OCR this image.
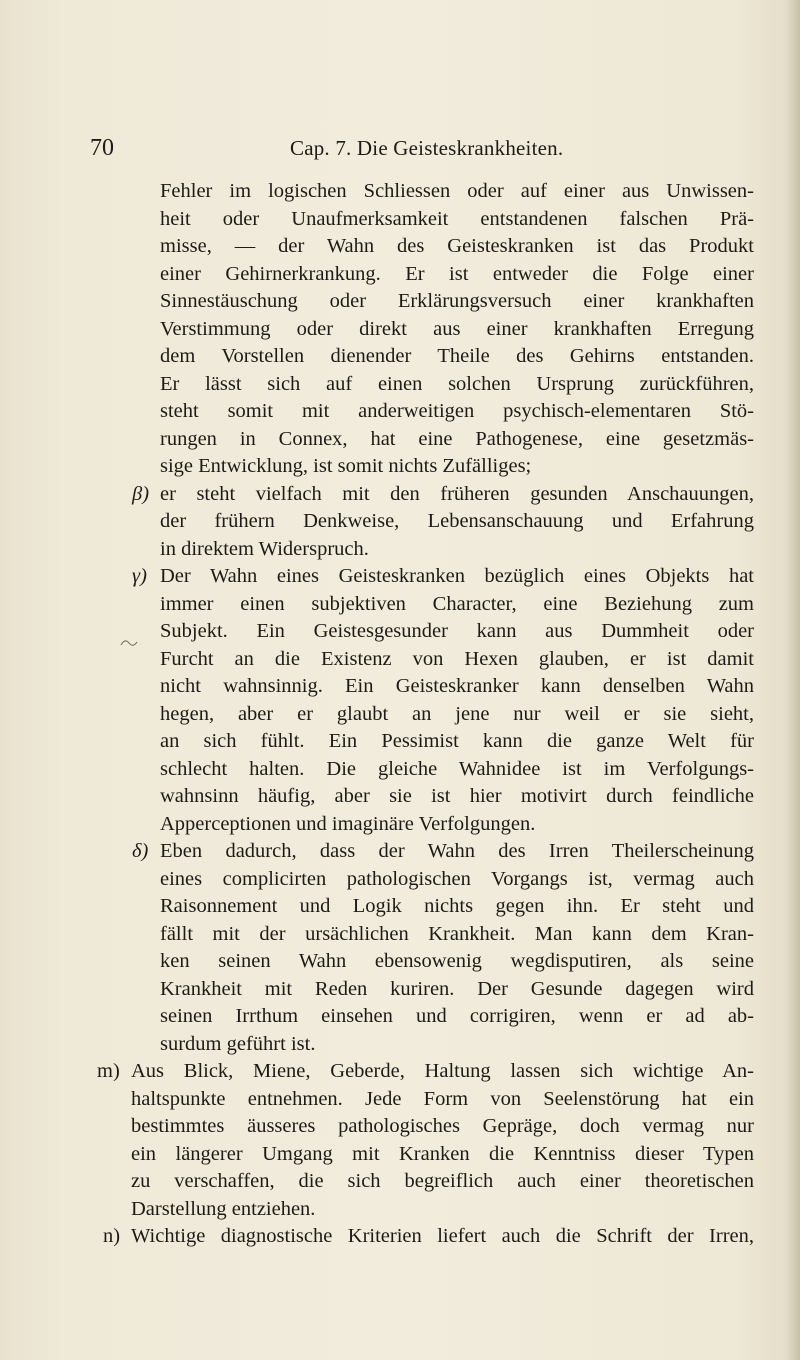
70	Cap. 7. Die Geisteskrankheiten.
Fehler im logischen Schliessen oder auf einer aus Unwissen-
heit oder Unaufmerksamkeit entstandenen falschen Prä-
misse, — der Wahn des Geisteskranken ist das Produkt
einer Gehirnerkrankung. Er ist entweder die Folge einer
Sinnestäuschung oder Erklärungsversuch einer krankhaften
Verstimmung oder direkt aus einer krankhaften Erregung
dem Vorstellen dienender Theile des Gehirns entstanden.
Er lässt sich auf einen solchen Ursprung zurückführen,
steht somit mit anderweitigen psychisch-elementaren Stö-
rungen in Connex, hat eine Pathogenese, eine gesetzmäs-
sige Entwicklung, ist somit nichts Zufälliges;
β) er steht vielfach mit den früheren gesunden Anschauungen,
der frühern Denkweise, Lebensanschauung und Erfahrung
in direktem Widerspruch.
γ) Der Wahn eines Geisteskranken bezüglich eines Objekts hat
immer einen subjektiven Character, eine Beziehung zum
Subjekt. Ein Geistesgesunder kann aus Dummheit oder
Furcht an die Existenz von Hexen glauben, er ist damit
nicht wahnsinnig. Ein Geisteskranker kann denselben Wahn
hegen, aber er glaubt an jene nur weil er sie sieht,
an sich fühlt. Ein Pessimist kann die ganze Welt für
schlecht halten. Die gleiche Wahnidee ist im Verfolgungs-
wahnsinn häufig, aber sie ist hier motivirt durch feindliche
Apperceptionen und imaginäre Verfolgungen.
δ) Eben dadurch, dass der Wahn des Irren Theilerscheinung
eines complicirten pathologischen Vorgangs ist, vermag auch
Raisonnement und Logik nichts gegen ihn. Er steht und
fällt mit der ursächlichen Krankheit. Man kann dem Kran-
ken seinen Wahn ebensowenig wegdisputiren, als seine
Krankheit mit Reden kuriren. Der Gesunde dagegen wird
seinen Irrthum einsehen und corrigiren, wenn er ad ab-
surdum geführt ist.
m) Aus Blick, Miene, Geberde, Haltung lassen sich wichtige An-
haltspunkte entnehmen. Jede Form von Seelenstörung hat ein
bestimmtes äusseres pathologisches Gepräge, doch vermag nur
ein längerer Umgang mit Kranken die Kenntniss dieser Typen
zu verschaffen, die sich begreiflich auch einer theoretischen
Darstellung entziehen.
n) Wichtige diagnostische Kriterien liefert auch die Schrift der Irren,
